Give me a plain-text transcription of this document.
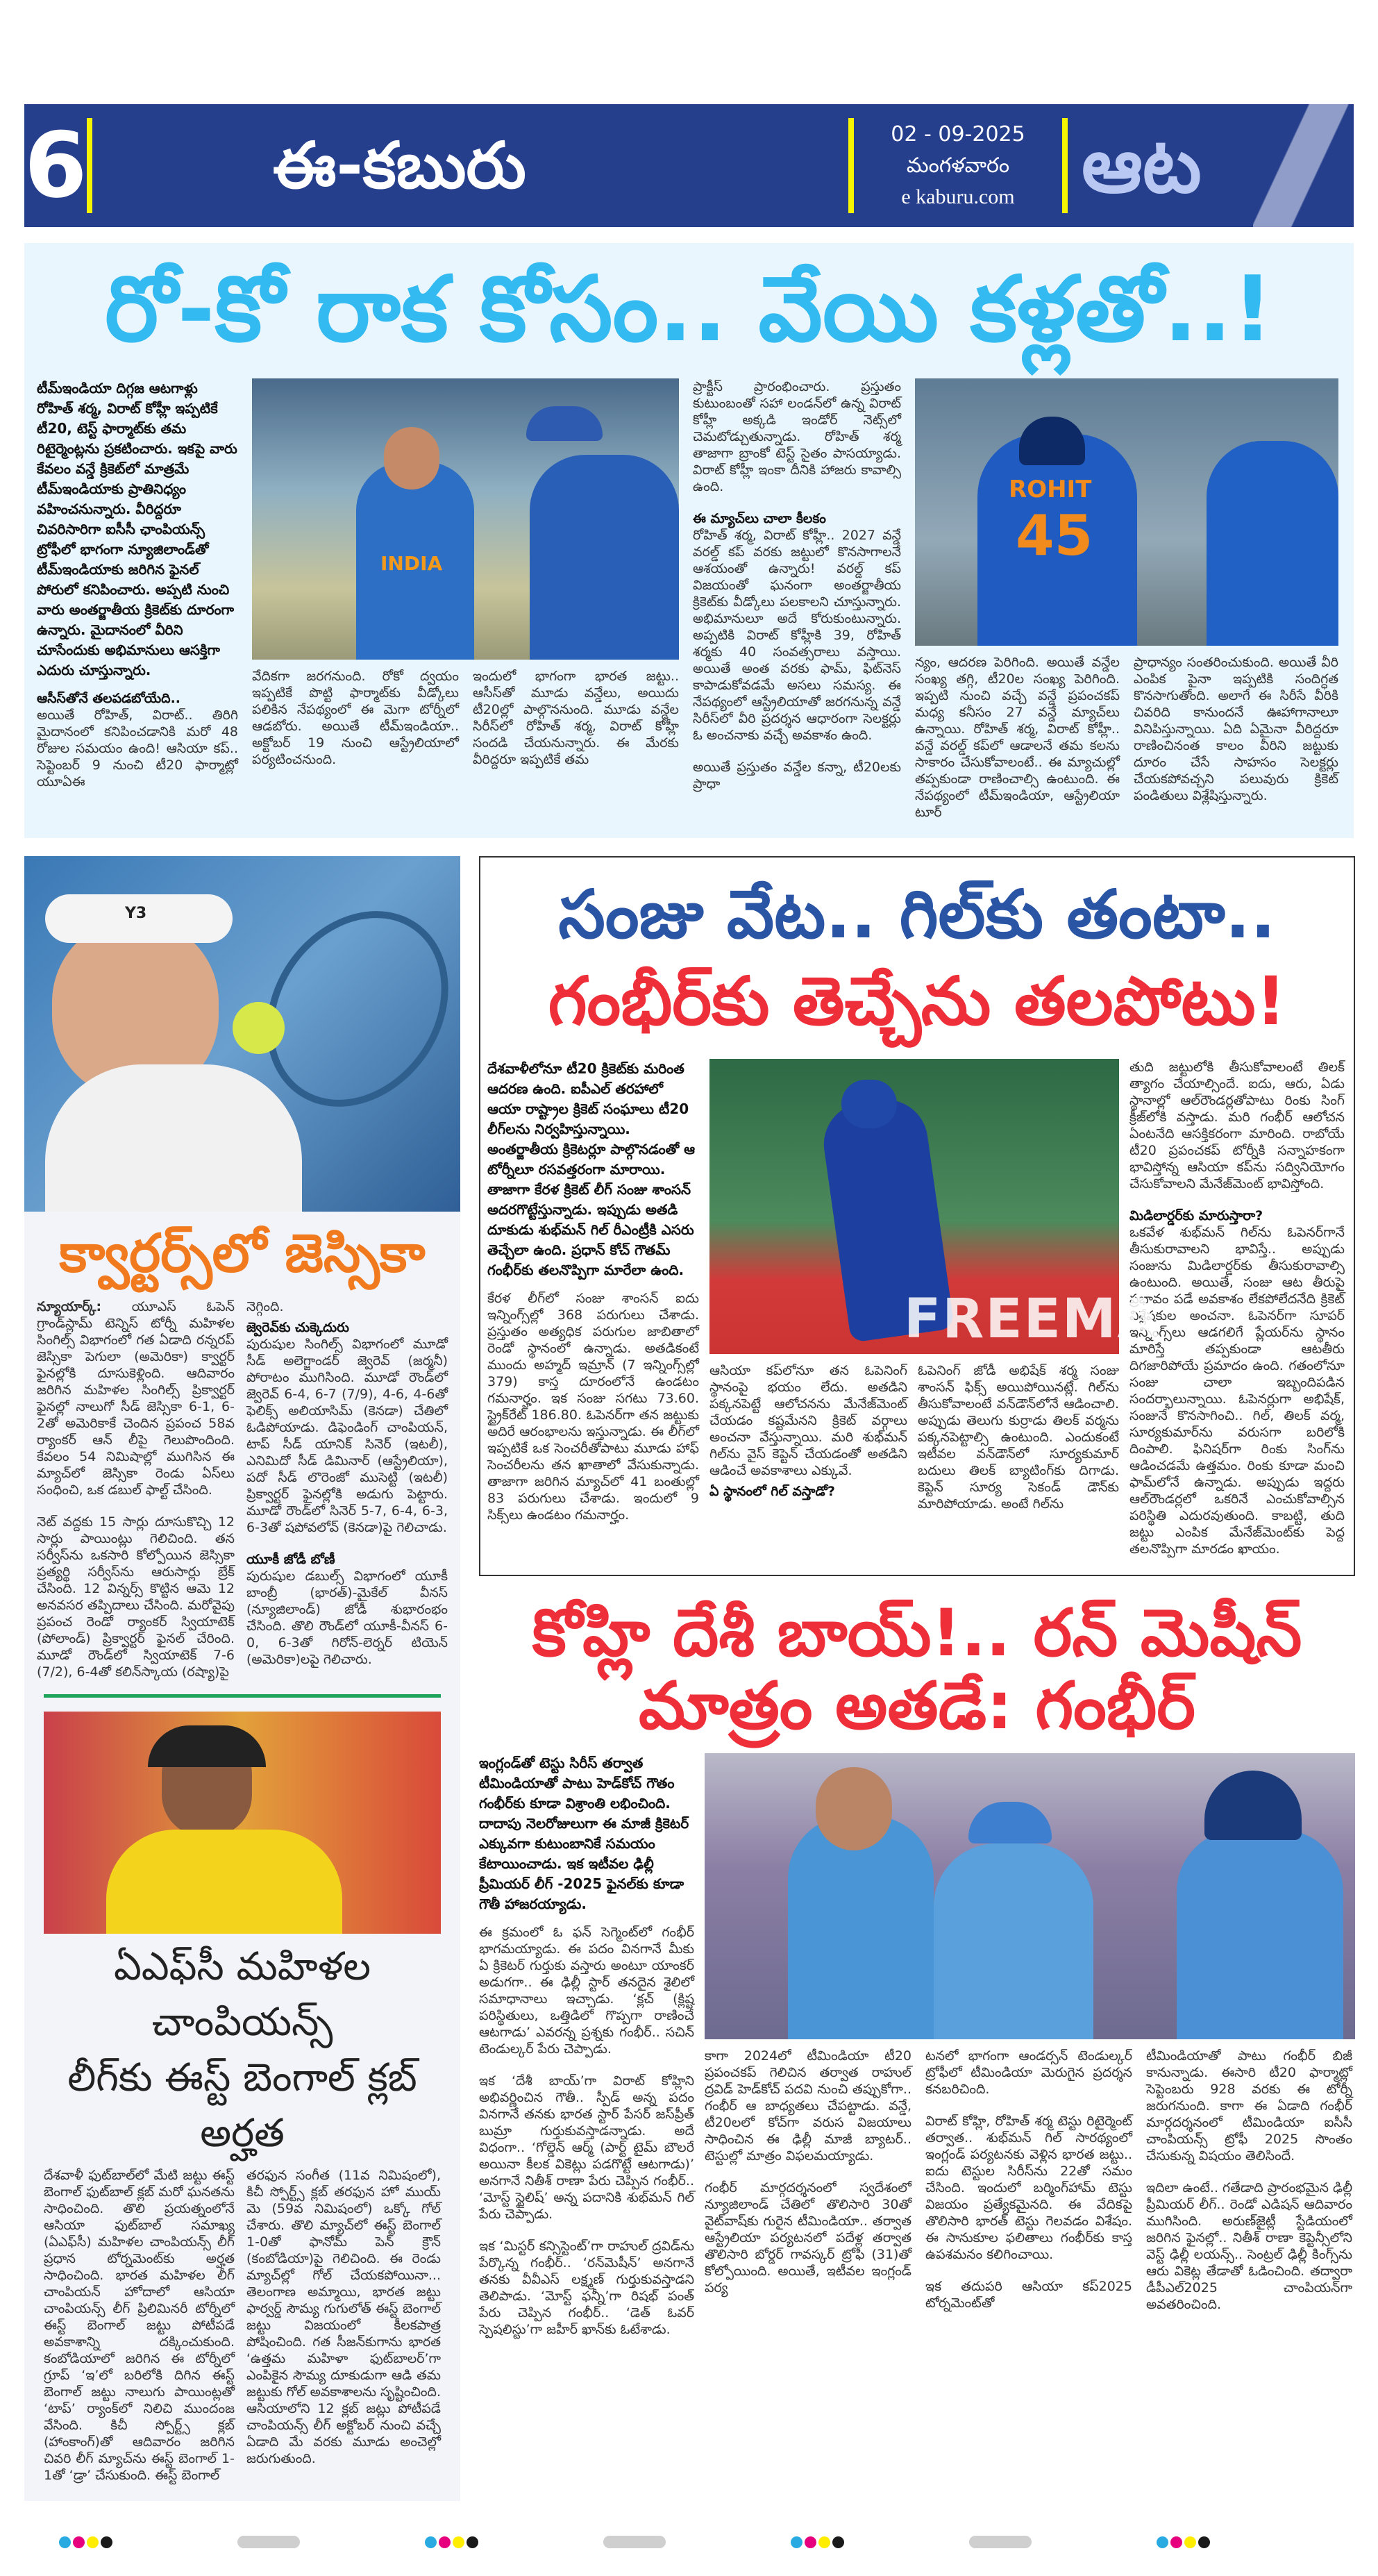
6	ఈ-కబురు	02 - 09-2025
మంగళవారం
e kaburu.com ఆట
రో-కో రాక కోసం.. వేయి కళ్లతో..!
టీమ్‌ఇండియా దిగ్గజ ఆటగాళ్లు రోహిత్ శర్మ, విరాట్ కోహ్లీ ఇప్పటికే టీ20, టెస్ట్ ఫార్మాట్‌కు తమ రిటైర్మెంట్లను ప్రకటించారు. ఇకపై వారు కేవలం వన్డే క్రికెట్‌లో మాత్రమే టీమ్‌ఇండియాకు ప్రాతినిధ్యం వహించనున్నారు. వీరిద్దరూ చివరిసారిగా ఐసీసీ ఛాంపియన్స్ ట్రోఫీలో భాగంగా న్యూజిలాండ్‌తో టీమ్‌ఇండియాకు జరిగిన ఫైనల్ పోరులో కనిపించారు. అప్పటి నుంచి వారు అంతర్జాతీయ క్రికెట్‌కు దూరంగా ఉన్నారు. మైదానంలో వీరిని చూసేందుకు అభిమానులు ఆసక్తిగా ఎదురు చూస్తున్నారు.
ఆసీస్‌తోనే తలపడబోయేది..
అయితే రోహిత్, విరాట్.. తిరిగి మైదానంలో కనిపించడానికి మరో 48 రోజుల సమయం ఉంది! ఆసియా కప్.. సెప్టెంబర్ 9 నుంచి టీ20 ఫార్మాట్లో యూఏఈ
INDIA
వేదికగా జరగనుంది. రోకో ద్వయం ఇప్పటికే పొట్టి ఫార్మాట్‌కు వీడ్కోలు పలికిన నేపథ్యంలో ఈ మెగా టోర్నీలో ఆడబోరు. అయితే టీమ్‌ఇండియా.. అక్టోబర్ 19 నుంచి ఆస్ట్రేలియాలో పర్యటించనుంది.
ఇందులో భాగంగా భారత జట్టు.. ఆసీస్‌తో మూడు వన్డేలు, అయిదు టీ20ల్లో పాల్గొననుంది. మూడు వన్డేల సిరీస్‌లో రోహిత్ శర్మ, విరాట్ కోహ్లీ సందడి చేయనున్నారు. ఈ మేరకు వీరిద్దరూ ఇప్పటికే తమ

ప్రాక్టీస్ ప్రారంభించారు. ప్రస్తుతం కుటుంబంతో సహా లండన్‌లో ఉన్న విరాట్ కోహ్లీ అక్కడి ఇండోర్ నెట్స్‌లో చెమటోడ్చుతున్నాడు. రోహిత్ శర్మ తాజాగా బ్రాంకో టెస్ట్ సైతం పాసయ్యాడు. విరాట్ కోహ్లీ ఇంకా దీనికి హాజరు కావాల్సి ఉంది.

ఈ మ్యాచ్‌లు చాలా కీలకం

రోహిత్ శర్మ, విరాట్ కోహ్లీ.. 2027 వన్డే వరల్డ్ కప్ వరకు జట్టులో కొనసాగాలనే ఆశయంతో ఉన్నారు! వరల్డ్ కప్ విజయంతో ఘనంగా అంతర్జాతీయ క్రికెట్‌కు వీడ్కోలు పలకాలని చూస్తున్నారు. అభిమానులూ అదే కోరుకుంటున్నారు. అప్పటికి విరాట్ కోహ్లీకి 39, రోహిత్ శర్మకు 40 సంవత్సరాలు వస్తాయి. అయితే అంత వరకు ఫామ్, ఫిట్‌నెస్ కాపాడుకోవడమే అసలు సమస్య. ఈ నేపథ్యంలో ఆస్ట్రేలియాతో జరగనున్న వన్డే సిరీస్‌లో వీరి ప్రదర్శన ఆధారంగా సెలక్టర్లు ఓ అంచనాకు వచ్చే అవకాశం ఉంది.

అయితే ప్రస్తుతం వన్డేల కన్నా, టీ20లకు ప్రాధా
ROHIT
45
న్యం, ఆదరణ పెరిగింది. అయితే వన్డేల సంఖ్య తగ్గి, టీ20ల సంఖ్య పెరిగింది. ఇప్పటి నుంచి వచ్చే వన్డే ప్రపంచకప్ మధ్య కనీసం 27 వన్డే మ్యాచ్‌లు ఉన్నాయి. రోహిత్ శర్మ, విరాట్ కోహ్లీ.. వన్డే వరల్డ్ కప్‌లో ఆడాలనే తమ కలను సాకారం చేసుకోవాలంటే.. ఈ మ్యాచుల్లో తప్పకుండా రాణించాల్సి ఉంటుంది. ఈ నేపథ్యంలో టీమ్‌ఇండియా, ఆస్ట్రేలియా టూర్
ప్రాధాన్యం సంతరించుకుంది. అయితే వీరి ఎంపిక పైనా ఇప్పటికి సందిగ్ధత కొనసాగుతోంది. అలాగే ఈ సిరీసే వీరికి చివరిది కానుందనే ఊహాగానాలూ వినిపిస్తున్నాయి. ఏది ఏమైనా వీరిద్దరూ రాణించినంత కాలం వీరిని జట్టుకు దూరం చేసే సాహసం సెలక్టర్లు చేయకపోవచ్చని పలువురు క్రికెట్ పండితులు విశ్లేషిస్తున్నారు.
Y3
క్వార్టర్స్‌లో జెస్సికా

న్యూయార్క్: యూఎస్ ఓపెన్ గ్రాండ్‌స్లామ్ టెన్నిస్ టోర్నీ మహిళల సింగిల్స్ విభాగంలో గత ఏడాది రన్నరప్ జెస్సికా పెగులా (అమెరికా) క్వార్టర్ ఫైనల్లోకి దూసుకెళ్లింది. ఆదివారం జరిగిన మహిళల సింగిల్స్ ప్రిక్వార్టర్ ఫైనల్లో నాలుగో సీడ్ జెస్సికా 6-1, 6-2తో అమెరికాకే చెందిన ప్రపంచ 58వ ర్యాంకర్ ఆన్ లీపై గెలుపొందింది. కేవలం 54 నిమిషాల్లో ముగిసిన ఈ మ్యాచ్‌లో జెస్సికా రెండు ఏస్‌లు సంధించి, ఒక డబుల్ ఫాల్ట్ చేసింది.

నెట్ వద్దకు 15 సార్లు దూసుకొచ్చి 12 సార్లు పాయింట్లు గెలిచింది. తన సర్వీస్‌ను ఒకసారి కోల్పోయిన జెస్సికా ప్రత్యర్థి సర్వీస్‌ను ఆరుసార్లు బ్రేక్ చేసింది. 12 విన్నర్స్ కొట్టిన ఆమె 12 అనవసర తప్పిదాలు చేసింది. మరోవైపు ప్రపంచ రెండో ర్యాంకర్ స్వియాటెక్ (పోలాండ్) ప్రిక్వార్టర్ ఫైనల్ చేరింది. మూడో రౌండ్‌లో స్వియాటెక్ 7-6 (7/2), 6-4తో కలిన్‌స్కాయ (రష్యా)పై
నెగ్గింది.
జ్వెరెవ్‌కు చుక్కెదురు

పురుషుల సింగిల్స్ విభాగంలో మూడో సీడ్ అలెగ్జాండర్ జ్వెరెవ్ (జర్మనీ) పోరాటం ముగిసింది. మూడో రౌండ్‌లో జ్వెరెవ్ 6-4, 6-7 (7/9), 4-6, 4-6తో ఫెలిక్స్ అలియాసిమ్ (కెనడా) చేతిలో ఓడిపోయాడు. డిఫెండింగ్ చాంపియన్, టాప్ సీడ్ యానిక్ సినెర్ (ఇటలీ), ఎనిమిదో సీడ్ డిమినార్ (ఆస్ట్రేలియా), పదో సీడ్ లొరెంజో ముసెట్టి (ఇటలీ) ప్రిక్వార్టర్ ఫైనల్లోకి అడుగు పెట్టారు. మూడో రౌండ్‌లో సినెర్ 5-7, 6-4, 6-3, 6-3తో షపోవలోవ్ (కెనడా)పై గెలిచాడు.

యూకీ జోడీ బోణీ
పురుషుల డబుల్స్ విభాగంలో యూకీ బాంబ్రీ (భారత్)-మైకేల్ వీనస్ (న్యూజిలాండ్) జోడీ శుభారంభం చేసింది. తొలి రౌండ్‌లో యూకీ-వీనస్ 6-0, 6-3తో గిరోన్-లెర్నర్ టియెన్ (అమెరికా)లపై గెలిచారు.
ఏఎఫ్‌సీ మహిళల చాంపియన్స్
లీగ్‌కు ఈస్ట్ బెంగాల్ క్లబ్ అర్హత
దేశవాళీ ఫుట్‌బాల్‌లో మేటి జట్టు ఈస్ట్ బెంగాల్ ఫుట్‌బాల్ క్లబ్ మరో ఘనతను సాధించింది. తొలి ప్రయత్నంలోనే ఆసియా ఫుట్‌బాల్ సమాఖ్య (ఏఎఫ్‌సీ) మహిళల చాంపియన్స్ లీగ్ ప్రధాన టోర్నమెంట్‌కు అర్హత సాధించింది. భారత మహిళల లీగ్ చాంపియన్ హోదాలో ఆసియా చాంపియన్స్ లీగ్ ప్రిలిమినరీ టోర్నీలో ఈస్ట్ బెంగాల్ జట్టు పోటీపడే అవకాశాన్ని దక్కించుకుంది. కంబోడియాలో జరిగిన ఈ టోర్నీలో గ్రూప్ ‘ఇ’లో బరిలోకి దిగిన ఈస్ట్ బెంగాల్ జట్టు నాలుగు పాయింట్లతో ‘టాప్’ ర్యాంక్‌లో నిలిచి ముందంజ వేసింది. కిచీ స్పోర్ట్స్ క్లబ్ (హాంకాంగ్)తో ఆదివారం జరిగిన చివరి లీగ్ మ్యాచ్‌ను ఈస్ట్ బెంగాల్ 1-1తో ‘డ్రా’ చేసుకుంది. ఈస్ట్ బెంగాల్
తరఫున సంగీత (11వ నిమిషంలో), కిచీ స్పోర్ట్స్ క్లబ్ తరఫున హో ముయ్ మె (59వ నిమిషంలో) ఒక్కో గోల్ చేశారు. తొలి మ్యాచ్‌లో ఈస్ట్ బెంగాల్ 1-0తో ఫానోమ్ పెన్ క్రౌన్ (కంబోడియా)పై గెలిచింది. ఈ రెండు మ్యాచ్‌ల్లో గోల్ చేయకపోయినా... తెలంగాణ అమ్మాయి, భారత జట్టు ఫార్వర్డ్ సౌమ్య గుగులోత్ ఈస్ట్ బెంగాల్ జట్టు విజయంలో కీలకపాత్ర పోషించింది. గత సీజన్‌కుగాను భారత ‘ఉత్తమ మహిళా ఫుట్‌బాలర్’గా ఎంపికైన సౌమ్య దూకుడుగా ఆడి తమ జట్టుకు గోల్ అవకాశాలను సృష్టించింది. ఆసియాలోని 12 క్లబ్ జట్లు పోటీపడే చాంపియన్స్ లీగ్ అక్టోబర్ నుంచి వచ్చే ఏడాది మే వరకు మూడు అంచెల్లో జరుగుతుంది.
సంజు వేట.. గిల్‌కు తంటా..
గంభీర్‌కు తెచ్చేను తలపోటు!
దేశవాళీలోనూ టీ20 క్రికెట్‌కు మరింత ఆదరణ ఉంది. ఐపీఎల్ తరహాలో ఆయా రాష్ట్రాల క్రికెట్ సంఘాలు టీ20 లీగ్‌లను నిర్వహిస్తున్నాయి. అంతర్జాతీయ క్రికెటర్లూ పాల్గొనడంతో ఆ టోర్నీలూ రసవత్తరంగా మారాయి. తాజాగా కేరళ క్రికెట్ లీగ్ సంజు శాంసన్ అదరగొట్టేస్తున్నాడు. ఇప్పుడు అతడి దూకుడు శుభ్‌మన్ గిల్ రీఎంట్రీకి ఎసరు తెచ్చేలా ఉంది. ప్రధాన్ కోచ్ గౌతమ్ గంభీర్‌కు తలనొప్పిగా మారేలా ఉంది.
కేరళ లీగ్‌లో సంజు శాంసన్ ఐదు ఇన్నింగ్స్‌ల్లో 368 పరుగులు చేశాడు. ప్రస్తుతం అత్యధిక పరుగుల జాబితాలో రెండో స్థానంలో ఉన్నాడు. అతడికంటే ముందు అహ్మద్ ఇమ్రాన్ (7 ఇన్నింగ్స్‌ల్లో 379) కాస్త దూరంలోనే ఉండటం గమనార్హం. ఇక సంజు సగటు 73.60. స్ట్రైక్‌రేట్ 186.80. ఓపెనర్‌గా తన జట్టుకు అదిరే ఆరంభాలను ఇస్తున్నాడు. ఈ లీగ్‌లో ఇప్పటికే ఒక సెంచరీతోపాటు మూడు హాఫ్ సెంచరీలను తన ఖాతాలో వేసుకున్నాడు. తాజాగా జరిగిన మ్యాచ్‌లో 41 బంతుల్లో 83 పరుగులు చేశాడు. ఇందులో 9 సిక్స్‌లు ఉండటం గమనార్హం.
FREEMA
ఆసియా కప్‌లోనూ తన ఓపెనింగ్ స్థానంపై భయం లేదు. అతడిని పక్కనపెట్టే ఆలోచనను మేనేజ్‌మెంట్ చేయడం కష్టమేనని క్రికెట్ వర్గాలు అంచనా వేస్తున్నాయి. మరి శుభ్‌మన్ గిల్‌ను వైస్ కెప్టెన్ చేయడంతో అతడిని ఆడించే అవకాశాలు ఎక్కువే.
ఏ స్థానంలో గిల్ వస్తాడో?
ఓపెనింగ్ జోడీ అభిషేక్ శర్మ సంజు శాంసన్ ఫిక్స్ అయిపోయినట్లే. గిల్‌ను తీసుకోవాలంటే వన్‌డౌన్‌లోనే ఆడించాలి. అప్పుడు తెలుగు కుర్రాడు తిలక్ వర్మను పక్కనపెట్టాల్సి ఉంటుంది. ఎందుకంటే ఇటీవల వన్‌డౌన్‌లో సూర్యకుమార్ బదులు తిలక్ బ్యాటింగ్‌కు దిగాడు. కెప్టెన్ సూర్య సెకండ్ డౌన్‌కు మారిపోయాడు. అంటే గిల్‌ను

తుది జట్టులోకి తీసుకోవాలంటే తిలక్ త్యాగం చేయాల్సిందే. ఐదు, ఆరు, ఏడు స్థానాల్లో ఆల్‌రౌండర్లతోపాటు రింకు సింగ్ క్రీజ్‌లోకి వస్తాడు. మరి గంభీర్ ఆలోచన ఏంటనేది ఆసక్తికరంగా మారింది. రాబోయే టీ20 ప్రపంచకప్ టోర్నీకి సన్నాహకంగా భావిస్తోన్న ఆసియా కప్‌ను సద్వినియోగం చేసుకోవాలని మేనేజ్‌మెంట్ భావిస్తోంది.

మిడిలార్డర్‌కు మారుస్తారా?
ఒకవేళ శుభ్‌మన్ గిల్‌ను ఓపెనర్‌గానే తీసుకురావాలని భావిస్తే.. అప్పుడు సంజును మిడిలార్డర్‌కు తీసుకురావాల్సి ఉంటుంది. అయితే, సంజు ఆట తీరుపై ప్రభావం పడే అవకాశం లేకపోలేదనేది క్రికెట్ విశ్లేషకుల అంచనా. ఓపెనర్‌గా సూపర్ ఇన్నింగ్స్‌లు ఆడగలిగే ప్లేయర్‌ను స్థానం మారిస్తే తప్పకుండా ఆటతీరు దిగజారిపోయే ప్రమాదం ఉంది. గతంలోనూ సంజు చాలా ఇబ్బందిపడిన సందర్భాలున్నాయి. ఓపెనర్లుగా అభిషేక్, సంజునే కొనసాగించి.. గిల్, తిలక్ వర్మ, సూర్యకుమార్‌ను వరుసగా బరిలోకి దింపాలి. ఫినిషర్‌గా రింకు సింగ్‌ను ఆడించడమే ఉత్తమం. రింకు కూడా మంచి ఫామ్‌లోనే ఉన్నాడు. అప్పుడు ఇద్దరు ఆల్‌రౌండర్లలో ఒకరినే ఎంచుకోవాల్సిన పరిస్థితి ఎదురవుతుంది. కాబట్టి, తుది జట్టు ఎంపిక మేనేజ్‌మెంట్‌కు పెద్ద తలనొప్పిగా మారడం ఖాయం.
కోహ్లి దేశీ బాయ్!.. రన్ మెషీన్
మాత్రం అతడే: గంభీర్
ఇంగ్లండ్‌తో టెస్టు సిరీస్ తర్వాత టీమిండియాతో పాటు హెడ్‌కోచ్ గౌతం గంభీర్‌కు కూడా విశ్రాంతి లభించింది. దాదాపు నెలరోజులుగా ఈ మాజీ క్రికెటర్ ఎక్కువగా కుటుంబానికే సమయం కేటాయించాడు. ఇక ఇటీవల ఢిల్లీ ప్రీమియర్ లీగ్ -2025 ఫైనల్‌కు కూడా గౌతీ హాజరయ్యాడు.

ఈ క్రమంలో ఓ ఫన్ సెగ్మెంట్‌లో గంభీర్ భాగమయ్యాడు. ఈ పదం వినగానే మీకు ఏ క్రికెటర్ గుర్తుకు వస్తారు అంటూ యాంకర్ అడుగగా.. ఈ ఢిల్లీ స్టార్ తనదైన శైలిలో సమాధానాలు ఇచ్చాడు. ‘క్లచ్ (క్లిష్ట పరిస్థితులు, ఒత్తిడిలో గొప్పగా రాణించే ఆటగాడు’ ఎవరన్న ప్రశ్నకు గంభీర్.. సచిన్ టెండుల్కర్ పేరు చెప్పాడు.

ఇక ‘దేశీ బాయ్’గా విరాట్ కోహ్లిని అభివర్ణించిన గౌతీ.. స్పీడ్ అన్న పదం వినగానే తనకు భారత స్టార్ పేసర్ జస్‌ప్రీత్ బుమ్రా గుర్తుకువస్తాడన్నాడు. అదే విధంగా.. ‘గోల్డెన్ ఆర్మ్ (పార్ట్ టైమ్ బౌలరే అయినా కీలక వికెట్లు పడగొట్టే ఆటగాడు)’ అనగానే నితీశ్ రాణా పేరు చెప్పిన గంభీర్.. ‘మోస్ట్ స్టైలిష్’ అన్న పదానికి శుభ్‌మన్ గిల్ పేరు చెప్పాడు.

ఇక ‘మిస్టర్ కన్సిస్టెంట్’గా రాహుల్ ద్రవిడ్‌ను పేర్కొన్న గంభీర్.. ‘రన్‌మెషీన్’ అనగానే తనకు వీవీఎస్ లక్ష్మణ్ గుర్తుకువస్తాడని తెలిపాడు. ‘మోస్ట్ ఫన్నీ’గా రిషభ్ పంత్ పేరు చెప్పిన గంభీర్.. ‘డెత్ ఓవర్ స్పెషలిస్టు’గా జహీర్ ఖాన్‌కు ఓటేశాడు.

కాగా 2024లో టీమిండియా టీ20 ప్రపంచకప్ గెలిచిన తర్వాత రాహుల్ ద్రవిడ్ హెడ్‌కోచ్ పదవి నుంచి తప్పుకోగా.. గంభీర్ ఆ బాధ్యతలు చేపట్టాడు. వన్డే, టీ20లలో కోచ్‌గా వరుస విజయాలు సాధించిన ఈ ఢిల్లీ మాజీ బ్యాటర్.. టెస్టుల్లో మాత్రం విఫలమయ్యాడు.

గంభీర్ మార్గదర్శనంలో స్వదేశంలో న్యూజిలాండ్ చేతిలో తొలిసారి 30తో వైట్‌వాష్‌కు గురైన టీమిండియా.. తర్వాత ఆస్ట్రేలియా పర్యటనలో పదేళ్ల తర్వాత తొలిసారి బోర్డర్ గావస్కర్ ట్రోఫీ (31)తో కోల్పోయింది. అయితే, ఇటీవల ఇంగ్లండ్ పర్య

టనలో భాగంగా ఆండర్సన్ టెండుల్కర్ ట్రోఫీలో టీమిండియా మెరుగైన ప్రదర్శన కనబరిచింది.

విరాట్ కోహ్లి, రోహిత్ శర్మ టెస్టు రిటైర్మెంట్ తర్వాత.. శుభ్‌మన్ గిల్ సారథ్యంలో ఇంగ్లండ్ పర్యటనకు వెళ్లిన భారత జట్టు.. ఐదు టెస్టుల సిరీస్‌ను 22తో సమం చేసింది. ఇందులో బర్మింగ్‌హామ్ టెస్టు విజయం ప్రత్యేకమైనది. ఈ వేదికపై తొలిసారి భారత్ టెస్టు గెలవడం విశేషం. ఈ సానుకూల ఫలితాలు గంభీర్‌కు కాస్త ఉపశమనం కలిగించాయి.

ఇక తదుపరి ఆసియా కప్2025 టోర్నమెంట్‌తో

టీమిండియాతో పాటు గంభీర్ బిజీ కానున్నాడు. ఈసారి టీ20 ఫార్మాట్లో సెప్టెంబరు 928 వరకు ఈ టోర్నీ జరుగనుంది. కాగా ఈ ఏడాది గంభీర్ మార్గదర్శనంలో టీమిండియా ఐసీసీ చాంపియన్స్ ట్రోఫీ 2025 సొంతం చేసుకున్న విషయం తెలిసిందే.

ఇదిలా ఉంటే.. గతేడాది ప్రారంభమైన ఢిల్లీ ప్రీమియర్ లీగ్.. రెండో ఎడిషన్ ఆదివారం ముగిసింది. అరుణ్‌జైట్లీ స్టేడియంలో జరిగిన ఫైనల్లో.. నితీశ్ రాణా కెప్టెన్సీలోని వెస్ట్ ఢిల్లీ లయన్స్.. సెంట్రల్ ఢిల్లీ కింగ్స్‌ను ఆరు వికెట్ల తేడాతో ఓడించింది. తద్వారా డీపీఎల్2025 చాంపియన్‌గా అవతరించింది.
